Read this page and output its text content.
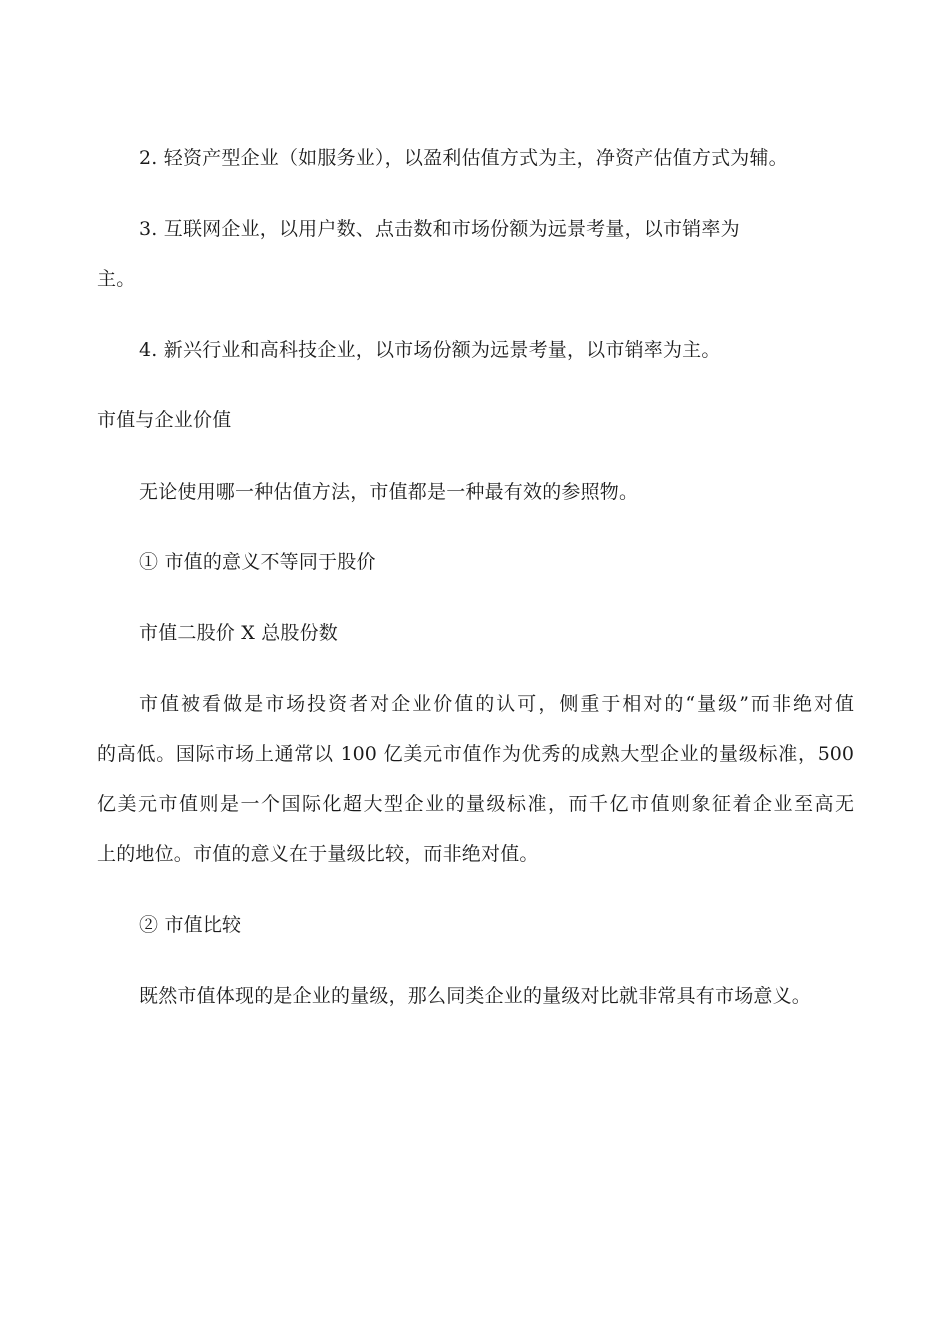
2. 轻资产型企业（如服务业），以盈利估值方式为主，净资产估值方式为辅。
3. 互联网企业，以用户数、点击数和市场份额为远景考量，以市销率为
主。
4. 新兴行业和高科技企业，以市场份额为远景考量，以市销率为主。
市值与企业价值
无论使用哪一种估值方法，市值都是一种最有效的参照物。
① 市值的意义不等同于股价
市值二股价 X 总股份数
市值被看做是市场投资者对企业价值的认可，侧重于相对的“量级”而非绝对值
的高低。国际市场上通常以 100 亿美元市值作为优秀的成熟大型企业的量级标准，500
亿美元市值则是一个国际化超大型企业的量级标准，而千亿市值则象征着企业至高无
上的地位。市值的意义在于量级比较，而非绝对值。
② 市值比较
既然市值体现的是企业的量级，那么同类企业的量级对比就非常具有市场意义。
